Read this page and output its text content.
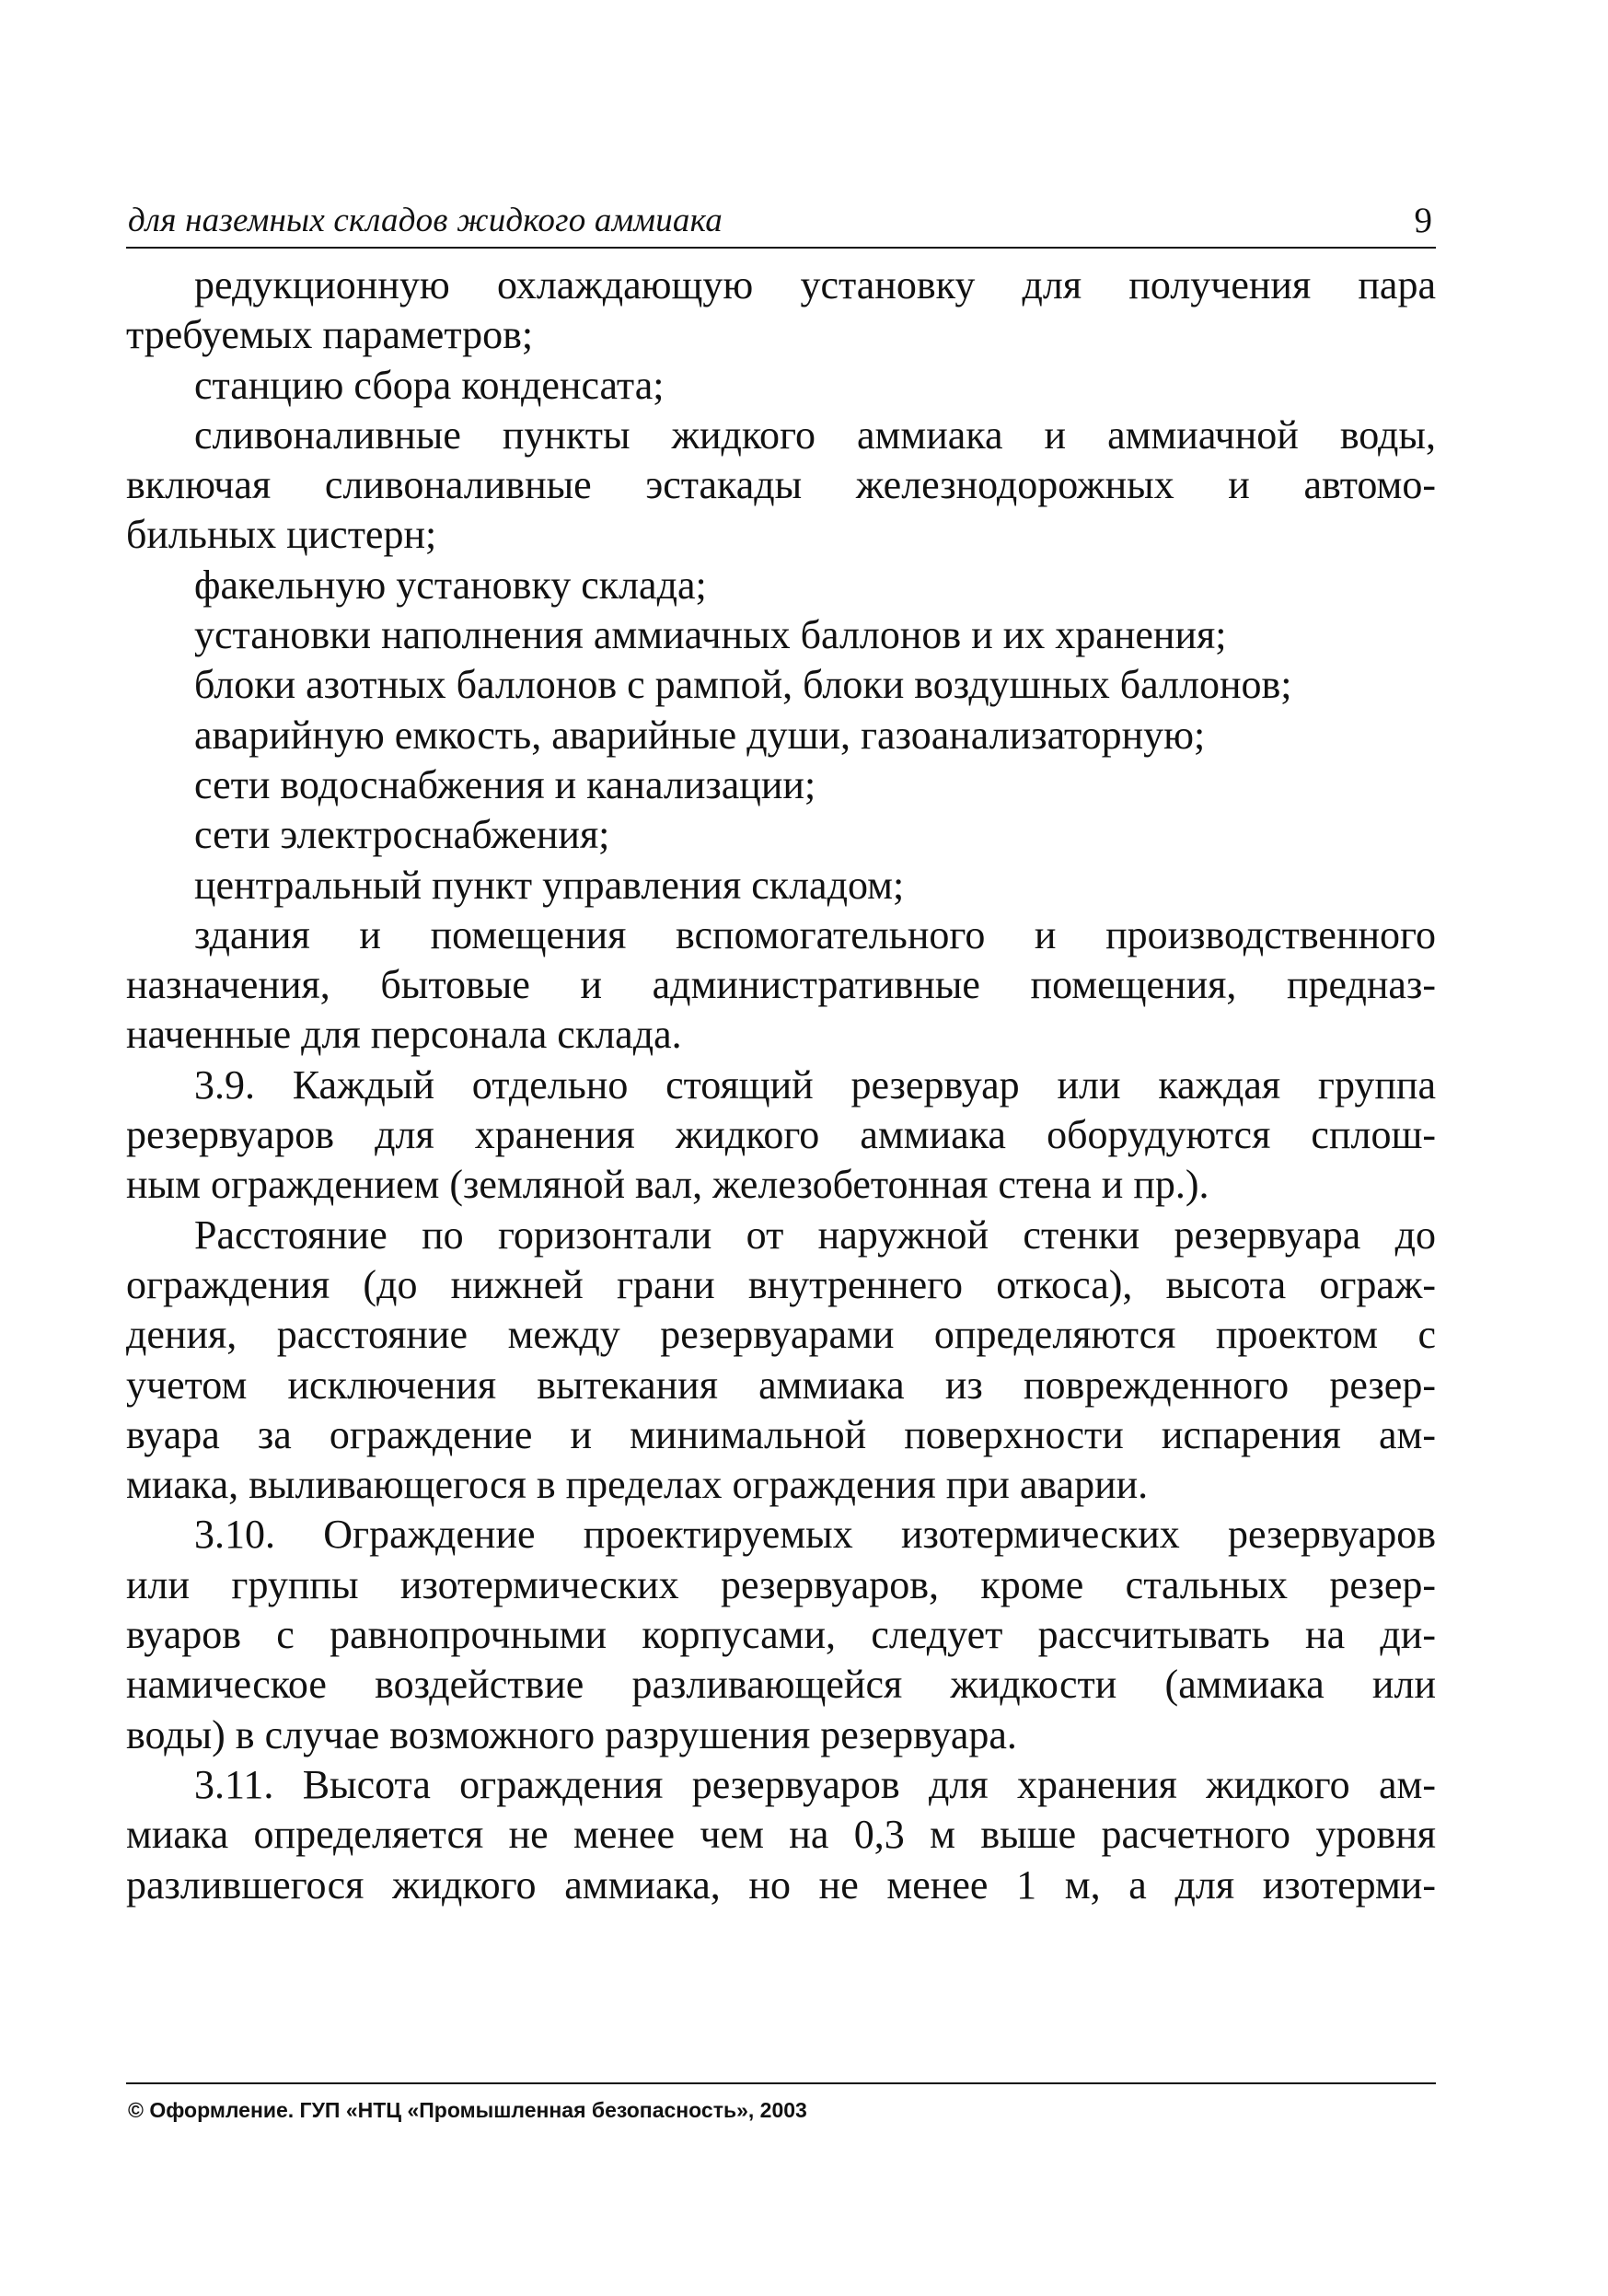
для наземных складов жидкого аммиака	9
редукционную охлаждающую установку для получения пара
требуемых параметров;
станцию сбора конденсата;
сливоналивные пункты жидкого аммиака и аммиачной воды,
включая сливоналивные эстакады железнодорожных и автомо-
бильных цистерн;
факельную установку склада;
установки наполнения аммиачных баллонов и их хранения;
блоки азотных баллонов с рампой, блоки воздушных баллонов;
аварийную емкость, аварийные души, газоанализаторную;
сети водоснабжения и канализации;
сети электроснабжения;
центральный пункт управления складом;
здания и помещения вспомогательного и производственного
назначения, бытовые и административные помещения, предназ-
наченные для персонала склада.
3.9. Каждый отдельно стоящий резервуар или каждая группа
резервуаров для хранения жидкого аммиака оборудуются сплош-
ным ограждением (земляной вал, железобетонная стена и пр.).
Расстояние по горизонтали от наружной стенки резервуара до
ограждения (до нижней грани внутреннего откоса), высота ограж-
дения, расстояние между резервуарами определяются проектом с
учетом исключения вытекания аммиака из поврежденного резер-
вуара за ограждение и минимальной поверхности испарения ам-
миака, выливающегося в пределах ограждения при аварии.
3.10. Ограждение проектируемых изотермических резервуаров
или группы изотермических резервуаров, кроме стальных резер-
вуаров с равнопрочными корпусами, следует рассчитывать на ди-
намическое воздействие разливающейся жидкости (аммиака или
воды) в случае возможного разрушения резервуара.
3.11. Высота ограждения резервуаров для хранения жидкого ам-
миака определяется не менее чем на 0,3 м выше расчетного уровня
разлившегося жидкого аммиака, но не менее 1 м, а для изотерми-
© Оформление. ГУП «НТЦ «Промышленная безопасность», 2003
